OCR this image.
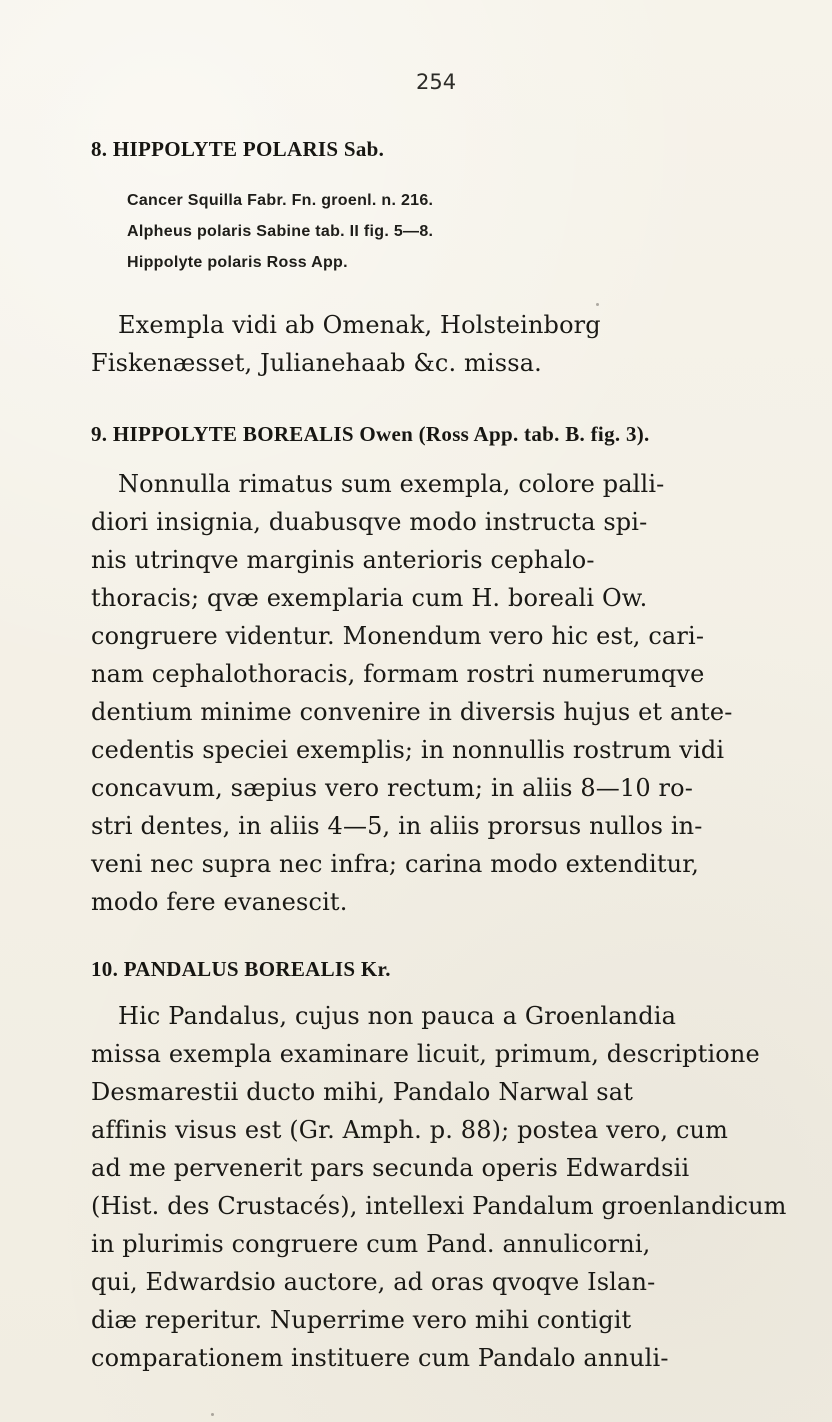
254
8. HIPPOLYTE POLARIS Sab.
Cancer Squilla Fabr. Fn. groenl. n. 216.
Alpheus polaris Sabine tab. II fig. 5—8.
Hippolyte polaris Ross App.
Exempla vidi ab Omenak, Holsteinborg
Fiskenæsset, Julianehaab &c. missa.
9. HIPPOLYTE BOREALIS Owen (Ross App. tab. B. fig. 3).
Nonnulla rimatus sum exempla, colore palli-
diori insignia, duabusqve modo instructa spi-
nis utrinqve marginis anterioris cephalo-
thoracis; qvæ exemplaria cum H. boreali Ow.
congruere videntur. Monendum vero hic est, cari-
nam cephalothoracis, formam rostri numerumqve
dentium minime convenire in diversis hujus et ante-
cedentis speciei exemplis; in nonnullis rostrum vidi
concavum, sæpius vero rectum; in aliis 8—10 ro-
stri dentes, in aliis 4—5, in aliis prorsus nullos in-
veni nec supra nec infra; carina modo extenditur,
modo fere evanescit.
10. PANDALUS BOREALIS Kr.
Hic Pandalus, cujus non pauca a Groenlandia
missa exempla examinare licuit, primum, descriptione
Desmarestii ducto mihi, Pandalo Narwal sat
affinis visus est (Gr. Amph. p. 88); postea vero, cum
ad me pervenerit pars secunda operis Edwardsii
(Hist. des Crustacés), intellexi Pandalum groenlandicum
in plurimis congruere cum Pand. annulicorni,
qui, Edwardsio auctore, ad oras qvoqve Islan-
diæ reperitur. Nuperrime vero mihi contigit
comparationem instituere cum Pandalo annuli-
